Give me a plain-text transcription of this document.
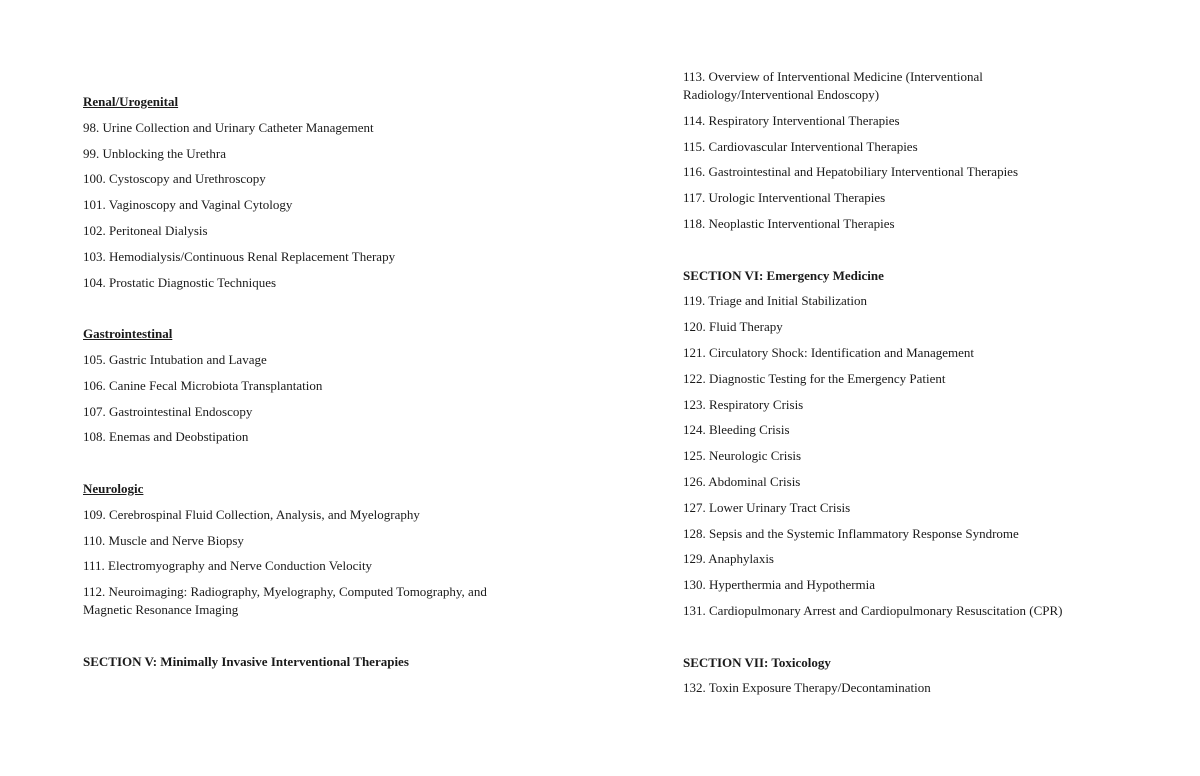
Renal/Urogenital
98. Urine Collection and Urinary Catheter Management
99. Unblocking the Urethra
100. Cystoscopy and Urethroscopy
101. Vaginoscopy and Vaginal Cytology
102. Peritoneal Dialysis
103. Hemodialysis/Continuous Renal Replacement Therapy
104. Prostatic Diagnostic Techniques
Gastrointestinal
105. Gastric Intubation and Lavage
106. Canine Fecal Microbiota Transplantation
107. Gastrointestinal Endoscopy
108. Enemas and Deobstipation
Neurologic
109. Cerebrospinal Fluid Collection, Analysis, and Myelography
110. Muscle and Nerve Biopsy
111. Electromyography and Nerve Conduction Velocity
112. Neuroimaging: Radiography, Myelography, Computed Tomography, and Magnetic Resonance Imaging
SECTION V: Minimally Invasive Interventional Therapies
113. Overview of Interventional Medicine (Interventional Radiology/Interventional Endoscopy)
114. Respiratory Interventional Therapies
115. Cardiovascular Interventional Therapies
116. Gastrointestinal and Hepatobiliary Interventional Therapies
117. Urologic Interventional Therapies
118. Neoplastic Interventional Therapies
SECTION VI: Emergency Medicine
119. Triage and Initial Stabilization
120. Fluid Therapy
121. Circulatory Shock: Identification and Management
122. Diagnostic Testing for the Emergency Patient
123. Respiratory Crisis
124. Bleeding Crisis
125. Neurologic Crisis
126. Abdominal Crisis
127. Lower Urinary Tract Crisis
128. Sepsis and the Systemic Inflammatory Response Syndrome
129. Anaphylaxis
130. Hyperthermia and Hypothermia
131. Cardiopulmonary Arrest and Cardiopulmonary Resuscitation (CPR)
SECTION VII: Toxicology
132. Toxin Exposure Therapy/Decontamination
